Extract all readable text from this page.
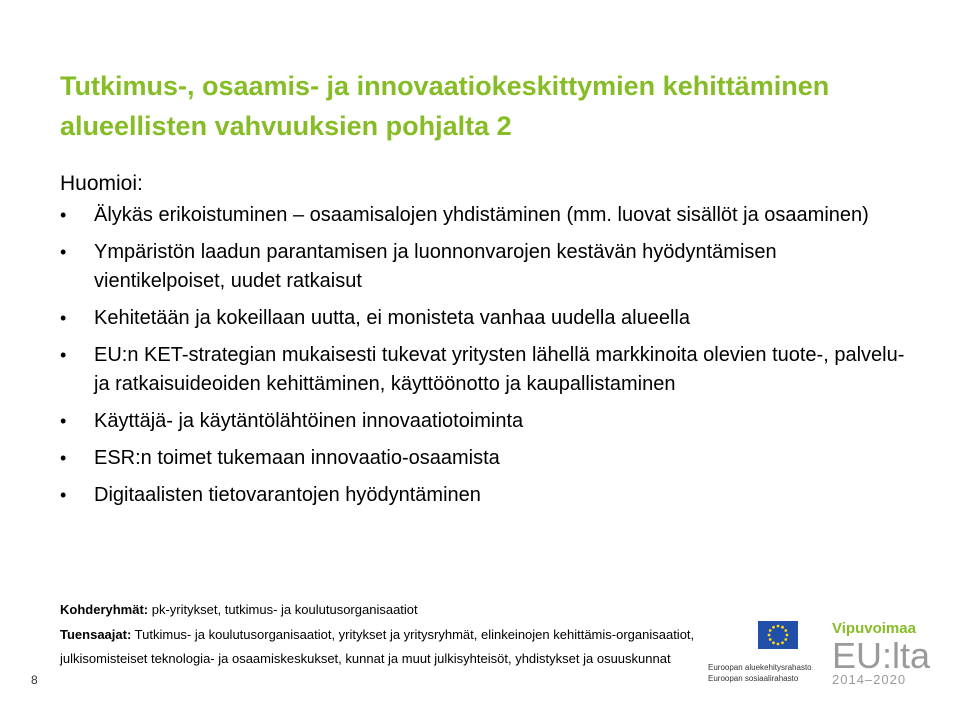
Tutkimus-, osaamis- ja innovaatiokeskittymien kehittäminen alueellisten vahvuuksien pohjalta 2

Huomioi:

• Älykäs erikoistuminen – osaamisalojen yhdistäminen (mm. luovat sisällöt ja osaaminen)
• Ympäristön laadun parantamisen ja luonnonvarojen kestävän hyödyntämisen vientikelpoiset, uudet ratkaisut
• Kehitetään ja kokeillaan uutta, ei monisteta vanhaa uudella alueella
• EU:n KET-strategian mukaisesti tukevat yritysten lähellä markkinoita olevien tuote-, palvelu- ja ratkaisuideoiden kehittäminen, käyttöönotto ja kaupallistaminen
• Käyttäjä- ja käytäntölähtöinen innovaatiotoiminta
• ESR:n toimet tukemaan innovaatio-osaamista
• Digitaalisten tietovarantojen hyödyntäminen
Kohderyhmät: pk-yritykset, tutkimus- ja koulutusorganisaatiot
Tuensaajat: Tutkimus- ja koulutusorganisaatiot, yritykset ja yritysryhmät, elinkeinojen kehittämis-organisaatiot,
julkisomisteiset teknologia- ja osaamiskeskukset, kunnat ja muut julkisyhteisöt, yhdistykset ja osuuskunnat
8
Euroopan aluekehitysrahasto
Euroopan sosiaalirahasto
Vipuvoimaa
EU:lta
2014–2020
